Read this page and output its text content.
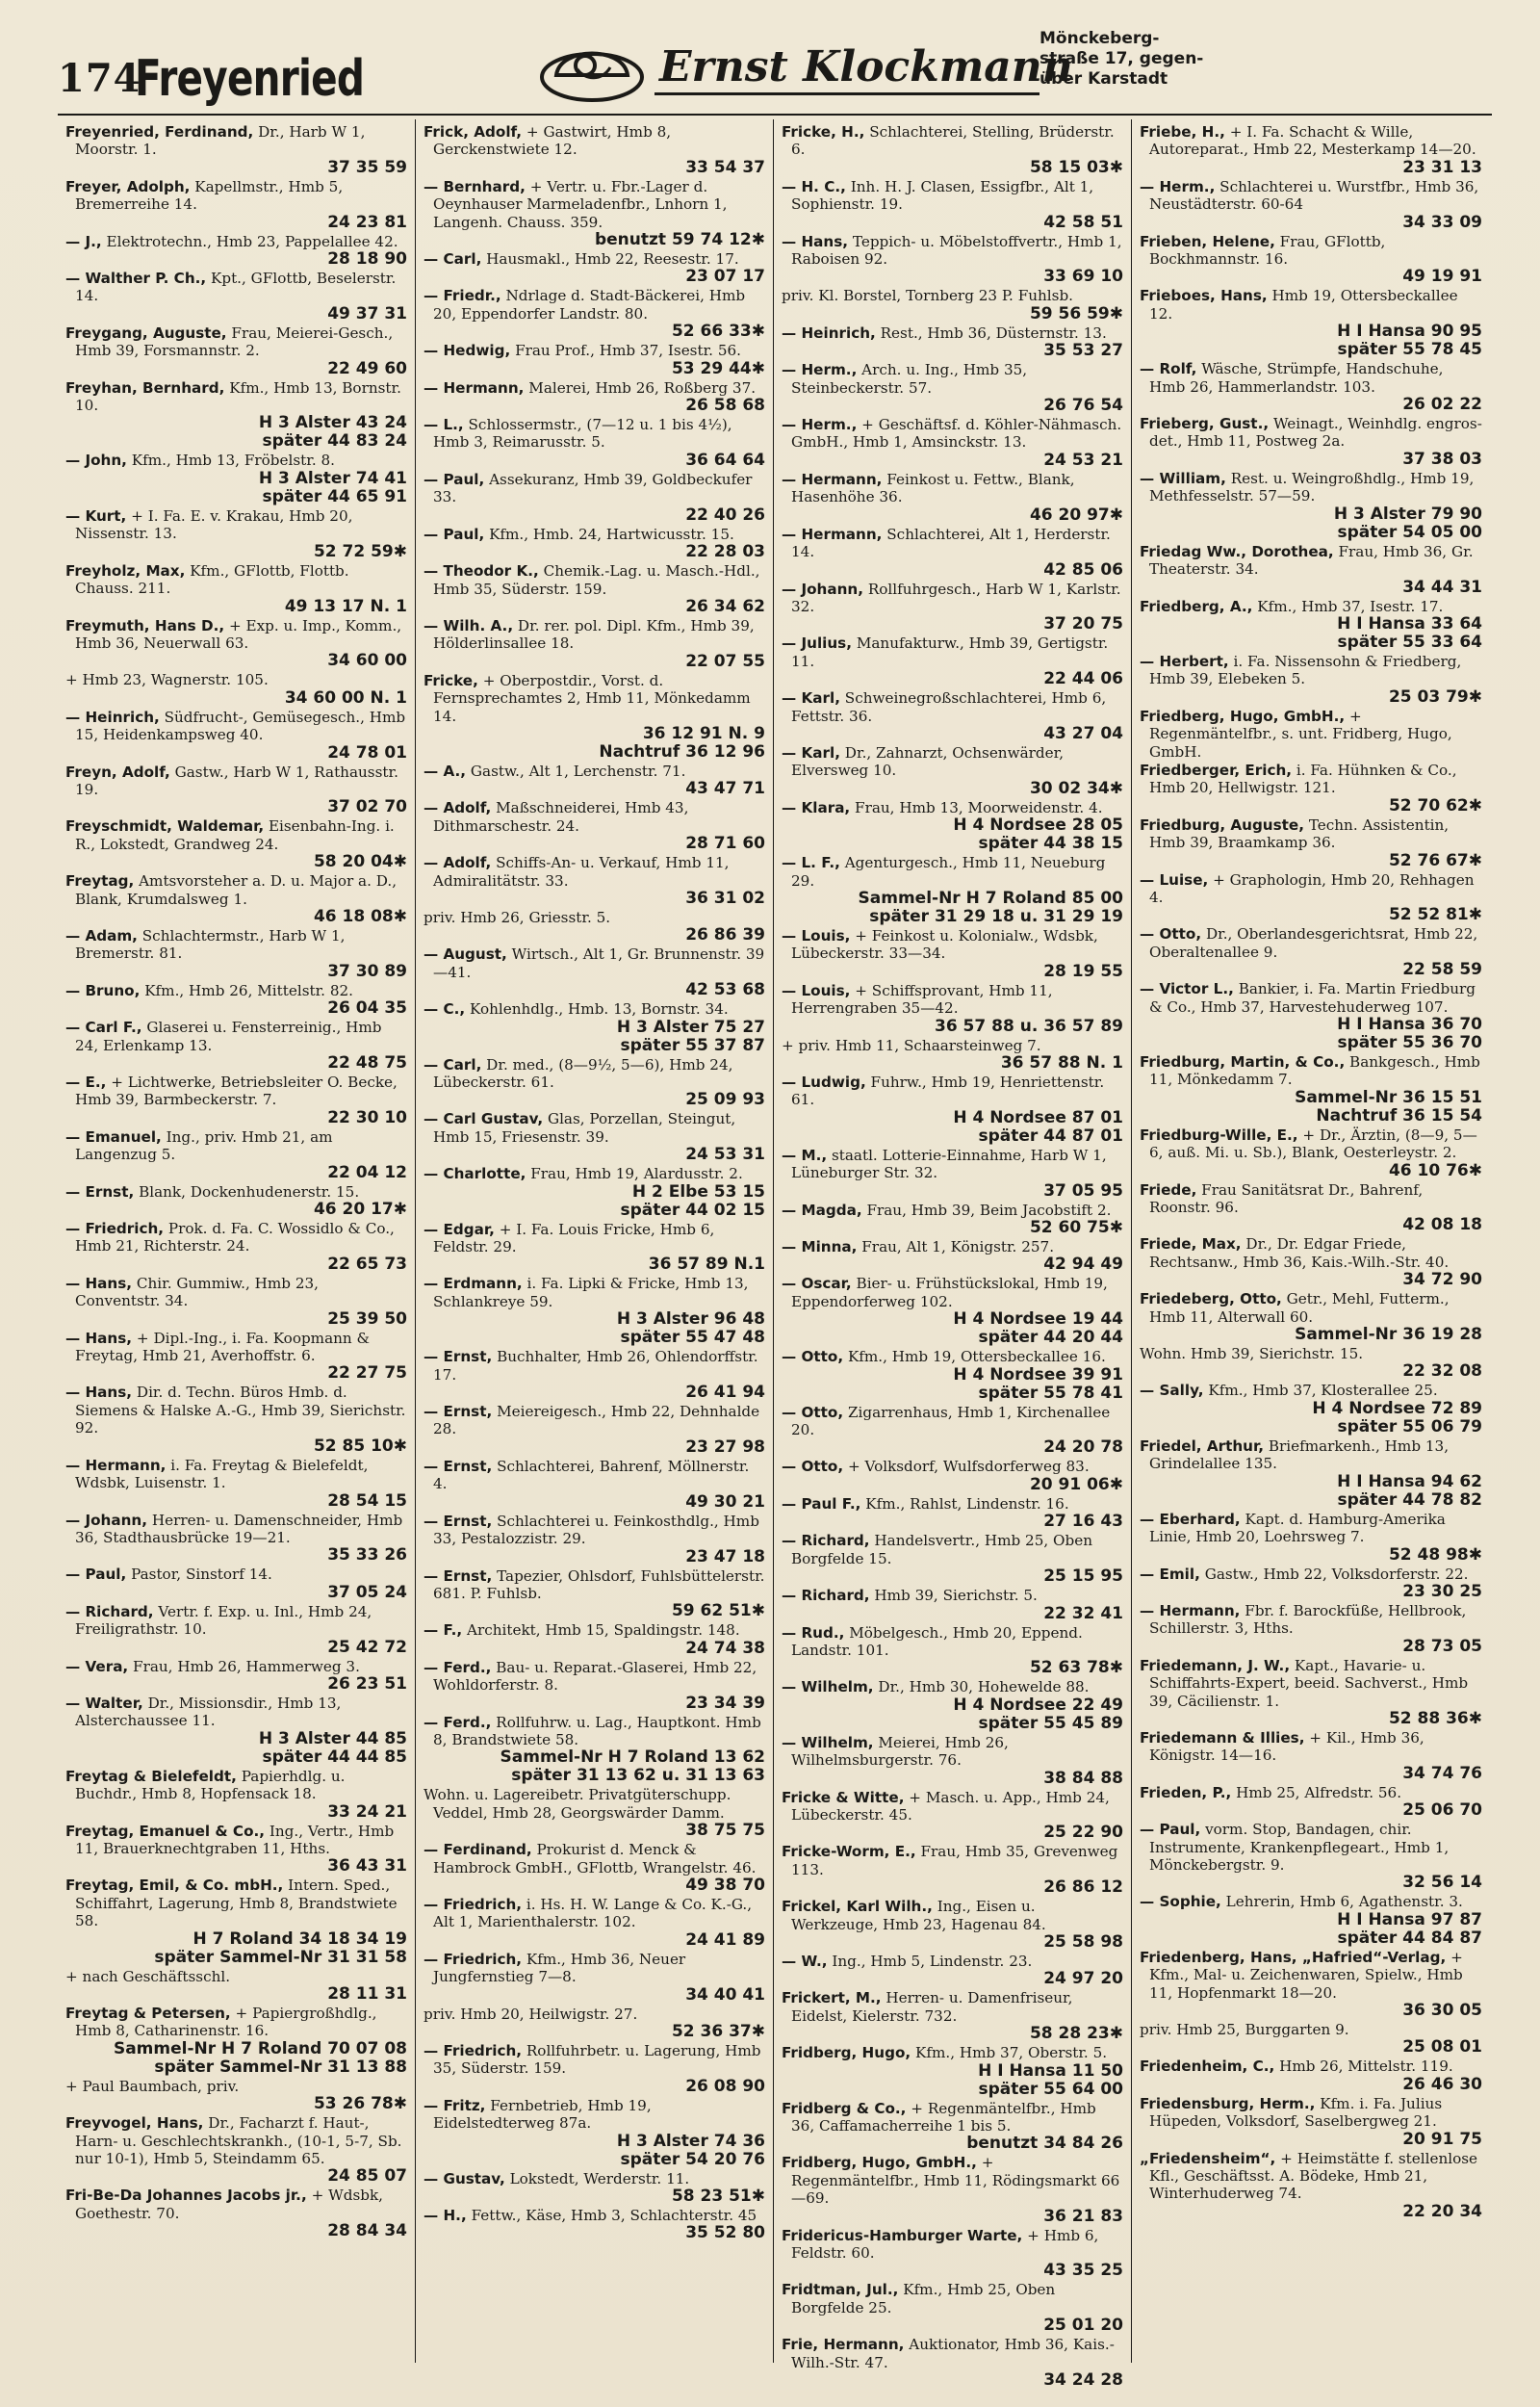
174
Freyenried	Ernst Klockmann
Mönckeberg-
straße 17, gegen-
über Karstadt
Freyenried, Ferdinand, Dr., Harb W 1, Moorstr. 1.
37 35 59
Freyer, Adolph, Kapellmstr., Hmb 5, Bremerreihe 14.
24 23 81
— J., Elektrotechn., Hmb 23, Pappelallee 42.
28 18 90
— Walther P. Ch., Kpt., GFlottb, Beselerstr. 14.
49 37 31
Freygang, Auguste, Frau, Meierei-Gesch., Hmb 39, Forsmannstr. 2.
22 49 60
Freyhan, Bernhard, Kfm., Hmb 13, Bornstr. 10.
H 3 Alster 43 24
später 44 83 24
— John, Kfm., Hmb 13, Fröbelstr. 8.
H 3 Alster 74 41
später 44 65 91
— Kurt, + I. Fa. E. v. Krakau, Hmb 20, Nissenstr. 13.
52 72 59✱
Freyholz, Max, Kfm., GFlottb, Flottb. Chauss. 211.
49 13 17 N. 1
Freymuth, Hans D., + Exp. u. Imp., Komm., Hmb 36, Neuerwall 63.
34 60 00
+ Hmb 23, Wagnerstr. 105.
34 60 00 N. 1
— Heinrich, Südfrucht-, Gemüsegesch., Hmb 15, Heidenkampsweg 40.
24 78 01
Freyn, Adolf, Gastw., Harb W 1, Rathausstr. 19.
37 02 70
Freyschmidt, Waldemar, Eisenbahn-Ing. i. R., Lokstedt, Grandweg 24.
58 20 04✱
Freytag, Amtsvorsteher a. D. u. Major a. D., Blank, Krumdalsweg 1.
46 18 08✱
— Adam, Schlachtermstr., Harb W 1, Bremerstr. 81.
37 30 89
— Bruno, Kfm., Hmb 26, Mittelstr. 82.
26 04 35
— Carl F., Glaserei u. Fensterreinig., Hmb 24, Erlenkamp 13.
22 48 75
— E., + Lichtwerke, Betriebsleiter O. Becke, Hmb 39, Barmbeckerstr. 7.
22 30 10
— Emanuel, Ing., priv. Hmb 21, am Langenzug 5.
22 04 12
— Ernst, Blank, Dockenhudenerstr. 15.
46 20 17✱
— Friedrich, Prok. d. Fa. C. Wossidlo & Co., Hmb 21, Richterstr. 24.
22 65 73
— Hans, Chir. Gummiw., Hmb 23, Conventstr. 34.
25 39 50
— Hans, + Dipl.-Ing., i. Fa. Koopmann & Freytag, Hmb 21, Averhoffstr. 6.
22 27 75
— Hans, Dir. d. Techn. Büros Hmb. d. Siemens & Halske A.-G., Hmb 39, Sierichstr. 92.
52 85 10✱
— Hermann, i. Fa. Freytag & Bielefeldt, Wdsbk, Luisenstr. 1.
28 54 15
— Johann, Herren- u. Damenschneider, Hmb 36, Stadthausbrücke 19—21.
35 33 26
— Paul, Pastor, Sinstorf 14.
37 05 24
— Richard, Vertr. f. Exp. u. Inl., Hmb 24, Freiligrathstr. 10.
25 42 72
— Vera, Frau, Hmb 26, Hammerweg 3.
26 23 51
— Walter, Dr., Missionsdir., Hmb 13, Alsterchaussee 11.
H 3 Alster 44 85
später 44 44 85
Freytag & Bielefeldt, Papierhdlg. u. Buchdr., Hmb 8, Hopfensack 18.
33 24 21
Freytag, Emanuel & Co., Ing., Vertr., Hmb 11, Brauerknechtgraben 11, Hths.
36 43 31
Freytag, Emil, & Co. mbH., Intern. Sped., Schiffahrt, Lagerung, Hmb 8, Brandstwiete 58.
H 7 Roland 34 18 34 19
später Sammel-Nr 31 31 58
+ nach Geschäftsschl.
28 11 31
Freytag & Petersen, + Papiergroßhdlg., Hmb 8, Catharinenstr. 16.
Sammel-Nr H 7 Roland 70 07 08
später Sammel-Nr 31 13 88
+ Paul Baumbach, priv.
53 26 78✱
Freyvogel, Hans, Dr., Facharzt f. Haut-, Harn- u. Geschlechtskrankh., (10-1, 5-7, Sb. nur 10-1), Hmb 5, Steindamm 65.
24 85 07
Fri-Be-Da Johannes Jacobs jr., + Wdsbk, Goethestr. 70.
28 84 34
Frick, Adolf, + Gastwirt, Hmb 8, Gerckenstwiete 12.
33 54 37
— Bernhard, + Vertr. u. Fbr.-Lager d. Oeynhauser Marmeladenfbr., Lnhorn 1, Langenh. Chauss. 359.
benutzt 59 74 12✱
— Carl, Hausmakl., Hmb 22, Reesestr. 17.
23 07 17
— Friedr., Ndrlage d. Stadt-Bäckerei, Hmb 20, Eppendorfer Landstr. 80.
52 66 33✱
— Hedwig, Frau Prof., Hmb 37, Isestr. 56.
53 29 44✱
— Hermann, Malerei, Hmb 26, Roßberg 37.
26 58 68
— L., Schlossermstr., (7—12 u. 1 bis 4½), Hmb 3, Reimarusstr. 5.
36 64 64
— Paul, Assekuranz, Hmb 39, Goldbeckufer 33.
22 40 26
— Paul, Kfm., Hmb. 24, Hartwicusstr. 15.
22 28 03
— Theodor K., Chemik.-Lag. u. Masch.-Hdl., Hmb 35, Süderstr. 159.
26 34 62
— Wilh. A., Dr. rer. pol. Dipl. Kfm., Hmb 39, Hölderlinsallee 18.
22 07 55
Fricke, + Oberpostdir., Vorst. d. Fernsprechamtes 2, Hmb 11, Mönkedamm 14.
36 12 91 N. 9
Nachtruf 36 12 96
— A., Gastw., Alt 1, Lerchenstr. 71.
43 47 71
— Adolf, Maßschneiderei, Hmb 43, Dithmarschestr. 24.
28 71 60
— Adolf, Schiffs-An- u. Verkauf, Hmb 11, Admiralitätstr. 33.
36 31 02
priv. Hmb 26, Griesstr. 5.
26 86 39
— August, Wirtsch., Alt 1, Gr. Brunnenstr. 39—41.
42 53 68
— C., Kohlenhdlg., Hmb. 13, Bornstr. 34.
H 3 Alster 75 27
später 55 37 87
— Carl, Dr. med., (8—9½, 5—6), Hmb 24, Lübeckerstr. 61.
25 09 93
— Carl Gustav, Glas, Porzellan, Steingut, Hmb 15, Friesenstr. 39.
24 53 31
— Charlotte, Frau, Hmb 19, Alardusstr. 2.
H 2 Elbe 53 15
später 44 02 15
— Edgar, + I. Fa. Louis Fricke, Hmb 6, Feldstr. 29.
36 57 89 N.1
— Erdmann, i. Fa. Lipki & Fricke, Hmb 13, Schlankreye 59.
H 3 Alster 96 48
später 55 47 48
— Ernst, Buchhalter, Hmb 26, Ohlendorffstr. 17.
26 41 94
— Ernst, Meiereigesch., Hmb 22, Dehnhalde 28.
23 27 98
— Ernst, Schlachterei, Bahrenf, Möllnerstr. 4.
49 30 21
— Ernst, Schlachterei u. Feinkosthdlg., Hmb 33, Pestalozzistr. 29.
23 47 18
— Ernst, Tapezier, Ohlsdorf, Fuhlsbüttelerstr. 681. P. Fuhlsb.
59 62 51✱
— F., Architekt, Hmb 15, Spaldingstr. 148.
24 74 38
— Ferd., Bau- u. Reparat.-Glaserei, Hmb 22, Wohldorferstr. 8.
23 34 39
— Ferd., Rollfuhrw. u. Lag., Hauptkont. Hmb 8, Brandstwiete 58.
Sammel-Nr H 7 Roland 13 62
später 31 13 62 u. 31 13 63
Wohn. u. Lagereibetr. Privatgüterschupp. Veddel, Hmb 28, Georgswärder Damm.
38 75 75
— Ferdinand, Prokurist d. Menck & Hambrock GmbH., GFlottb, Wrangelstr. 46.
49 38 70
— Friedrich, i. Hs. H. W. Lange & Co. K.-G., Alt 1, Marienthalerstr. 102.
24 41 89
— Friedrich, Kfm., Hmb 36, Neuer Jungfernstieg 7—8.
34 40 41
priv. Hmb 20, Heilwigstr. 27.
52 36 37✱
— Friedrich, Rollfuhrbetr. u. Lagerung, Hmb 35, Süderstr. 159.
26 08 90
— Fritz, Fernbetrieb, Hmb 19, Eidelstedterweg 87a.
H 3 Alster 74 36
später 54 20 76
— Gustav, Lokstedt, Werderstr. 11.
58 23 51✱
— H., Fettw., Käse, Hmb 3, Schlachterstr. 45
35 52 80
Fricke, H., Schlachterei, Stelling, Brüderstr. 6.
58 15 03✱
— H. C., Inh. H. J. Clasen, Essigfbr., Alt 1, Sophienstr. 19.
42 58 51
— Hans, Teppich- u. Möbelstoffvertr., Hmb 1, Raboisen 92.
33 69 10
priv. Kl. Borstel, Tornberg 23 P. Fuhlsb.
59 56 59✱
— Heinrich, Rest., Hmb 36, Düsternstr. 13.
35 53 27
— Herm., Arch. u. Ing., Hmb 35, Steinbeckerstr. 57.
26 76 54
— Herm., + Geschäftsf. d. Köhler-Nähmasch. GmbH., Hmb 1, Amsinckstr. 13.
24 53 21
— Hermann, Feinkost u. Fettw., Blank, Hasenhöhe 36.
46 20 97✱
— Hermann, Schlachterei, Alt 1, Herderstr. 14.
42 85 06
— Johann, Rollfuhrgesch., Harb W 1, Karlstr. 32.
37 20 75
— Julius, Manufakturw., Hmb 39, Gertigstr. 11.
22 44 06
— Karl, Schweinegroßschlachterei, Hmb 6, Fettstr. 36.
43 27 04
— Karl, Dr., Zahnarzt, Ochsenwärder, Elversweg 10.
30 02 34✱
— Klara, Frau, Hmb 13, Moorweidenstr. 4.
H 4 Nordsee 28 05
später 44 38 15
— L. F., Agenturgesch., Hmb 11, Neueburg 29.
Sammel-Nr H 7 Roland 85 00
später 31 29 18 u. 31 29 19
— Louis, + Feinkost u. Kolonialw., Wdsbk, Lübeckerstr. 33—34.
28 19 55
— Louis, + Schiffsprovant, Hmb 11, Herrengraben 35—42.
36 57 88 u. 36 57 89
+ priv. Hmb 11, Schaarsteinweg 7.
36 57 88 N. 1
— Ludwig, Fuhrw., Hmb 19, Henriettenstr. 61.
H 4 Nordsee 87 01
später 44 87 01
— M., staatl. Lotterie-Einnahme, Harb W 1, Lüneburger Str. 32.
37 05 95
— Magda, Frau, Hmb 39, Beim Jacobstift 2.
52 60 75✱
— Minna, Frau, Alt 1, Königstr. 257.
42 94 49
— Oscar, Bier- u. Frühstückslokal, Hmb 19, Eppendorferweg 102.
H 4 Nordsee 19 44
später 44 20 44
— Otto, Kfm., Hmb 19, Ottersbeckallee 16.
H 4 Nordsee 39 91
später 55 78 41
— Otto, Zigarrenhaus, Hmb 1, Kirchenallee 20.
24 20 78
— Otto, + Volksdorf, Wulfsdorferweg 83.
20 91 06✱
— Paul F., Kfm., Rahlst, Lindenstr. 16.
27 16 43
— Richard, Handelsvertr., Hmb 25, Oben Borgfelde 15.
25 15 95
— Richard, Hmb 39, Sierichstr. 5.
22 32 41
— Rud., Möbelgesch., Hmb 20, Eppend. Landstr. 101.
52 63 78✱
— Wilhelm, Dr., Hmb 30, Hohewelde 88.
H 4 Nordsee 22 49
später 55 45 89
— Wilhelm, Meierei, Hmb 26, Wilhelmsburgerstr. 76.
38 84 88
Fricke & Witte, + Masch. u. App., Hmb 24, Lübeckerstr. 45.
25 22 90
Fricke-Worm, E., Frau, Hmb 35, Grevenweg 113.
26 86 12
Frickel, Karl Wilh., Ing., Eisen u. Werkzeuge, Hmb 23, Hagenau 84.
25 58 98
— W., Ing., Hmb 5, Lindenstr. 23.
24 97 20
Frickert, M., Herren- u. Damenfriseur, Eidelst, Kielerstr. 732.
58 28 23✱
Fridberg, Hugo, Kfm., Hmb 37, Oberstr. 5.
H I Hansa 11 50
später 55 64 00
Fridberg & Co., + Regenmäntelfbr., Hmb 36, Caffamacherreihe 1 bis 5.
benutzt 34 84 26
Fridberg, Hugo, GmbH., + Regenmäntelfbr., Hmb 11, Rödingsmarkt 66—69.
36 21 83
Fridericus-Hamburger Warte, + Hmb 6, Feldstr. 60.
43 35 25
Fridtman, Jul., Kfm., Hmb 25, Oben Borgfelde 25.
25 01 20
Frie, Hermann, Auktionator, Hmb 36, Kais.-Wilh.-Str. 47.
34 24 28
Friebe, H., + I. Fa. Schacht & Wille, Autoreparat., Hmb 22, Mesterkamp 14—20.
23 31 13
— Herm., Schlachterei u. Wurstfbr., Hmb 36, Neustädterstr. 60-64
34 33 09
Frieben, Helene, Frau, GFlottb, Bockhmannstr. 16.
49 19 91
Frieboes, Hans, Hmb 19, Ottersbeckallee 12.
H I Hansa 90 95
später 55 78 45
— Rolf, Wäsche, Strümpfe, Handschuhe, Hmb 26, Hammerlandstr. 103.
26 02 22
Frieberg, Gust., Weinagt., Weinhdlg. engros-det., Hmb 11, Postweg 2a.
37 38 03
— William, Rest. u. Weingroßhdlg., Hmb 19, Methfesselstr. 57—59.
H 3 Alster 79 90
später 54 05 00
Friedag Ww., Dorothea, Frau, Hmb 36, Gr. Theaterstr. 34.
34 44 31
Friedberg, A., Kfm., Hmb 37, Isestr. 17.
H I Hansa 33 64
später 55 33 64
— Herbert, i. Fa. Nissensohn & Friedberg, Hmb 39, Elebeken 5.
25 03 79✱
Friedberg, Hugo, GmbH., + Regenmäntelfbr., s. unt. Fridberg, Hugo, GmbH.
Friedberger, Erich, i. Fa. Hühnken & Co., Hmb 20, Hellwigstr. 121.
52 70 62✱
Friedburg, Auguste, Techn. Assistentin, Hmb 39, Braamkamp 36.
52 76 67✱
— Luise, + Graphologin, Hmb 20, Rehhagen 4.
52 52 81✱
— Otto, Dr., Oberlandesgerichtsrat, Hmb 22, Oberaltenallee 9.
22 58 59
— Victor L., Bankier, i. Fa. Martin Friedburg & Co., Hmb 37, Harvestehuderweg 107.
H I Hansa 36 70
später 55 36 70
Friedburg, Martin, & Co., Bankgesch., Hmb 11, Mönkedamm 7.
Sammel-Nr 36 15 51
Nachtruf 36 15 54
Friedburg-Wille, E., + Dr., Ärztin, (8—9, 5—6, auß. Mi. u. Sb.), Blank, Oesterleystr. 2.
46 10 76✱
Friede, Frau Sanitätsrat Dr., Bahrenf, Roonstr. 96.
42 08 18
Friede, Max, Dr., Dr. Edgar Friede, Rechtsanw., Hmb 36, Kais.-Wilh.-Str. 40.
34 72 90
Friedeberg, Otto, Getr., Mehl, Futterm., Hmb 11, Alterwall 60.
Sammel-Nr 36 19 28
Wohn. Hmb 39, Sierichstr. 15.
22 32 08
— Sally, Kfm., Hmb 37, Klosterallee 25.
H 4 Nordsee 72 89
später 55 06 79
Friedel, Arthur, Briefmarkenh., Hmb 13, Grindelallee 135.
H I Hansa 94 62
später 44 78 82
— Eberhard, Kapt. d. Hamburg-Amerika Linie, Hmb 20, Loehrsweg 7.
52 48 98✱
— Emil, Gastw., Hmb 22, Volksdorferstr. 22.
23 30 25
— Hermann, Fbr. f. Barockfüße, Hellbrook, Schillerstr. 3, Hths.
28 73 05
Friedemann, J. W., Kapt., Havarie- u. Schiffahrts-Expert, beeid. Sachverst., Hmb 39, Cäcilienstr. 1.
52 88 36✱
Friedemann & Illies, + Kil., Hmb 36, Königstr. 14—16.
34 74 76
Frieden, P., Hmb 25, Alfredstr. 56.
25 06 70
— Paul, vorm. Stop, Bandagen, chir. Instrumente, Krankenpflegeart., Hmb 1, Mönckebergstr. 9.
32 56 14
— Sophie, Lehrerin, Hmb 6, Agathenstr. 3.
H I Hansa 97 87
später 44 84 87
Friedenberg, Hans, „Hafried“-Verlag, + Kfm., Mal- u. Zeichenwaren, Spielw., Hmb 11, Hopfenmarkt 18—20.
36 30 05
priv. Hmb 25, Burggarten 9.
25 08 01
Friedenheim, C., Hmb 26, Mittelstr. 119.
26 46 30
Friedensburg, Herm., Kfm. i. Fa. Julius Hüpeden, Volksdorf, Saselbergweg 21.
20 91 75
„Friedensheim“, + Heimstätte f. stellenlose Kfl., Geschäftsst. A. Bödeke, Hmb 21, Winterhuderweg 74.
22 20 34
